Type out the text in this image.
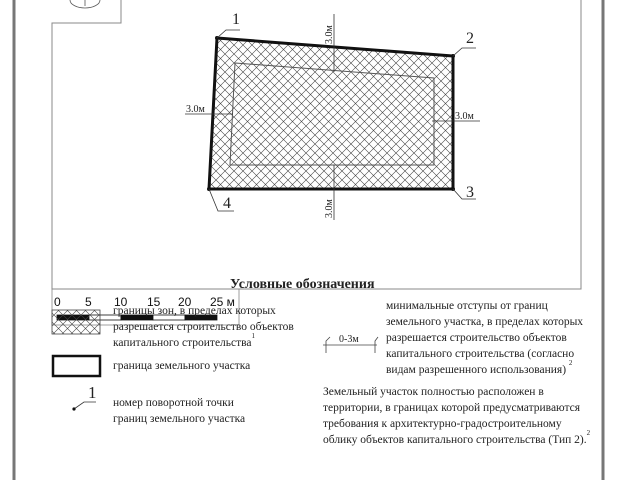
1
2
3
4
3.0м
3.0м
3.0м
3.0м
0 5 10 15 20 25 м
1
0-3м
Условные обозначения
границы зон, в пределах которых
разрешается строительство объектов
капитального строительства$^1$
граница земельного участка
номер поворотной точки
границ земельного участка
минимальные отступы от границ
земельного участка, в пределах которых
разрешается строительство объектов
капитального строительства (согласно
видам разрешенного использования) $^2$
Земельный участок полностью расположен в
территории, в границах которой предусматриваются
требования к архитектурно-градостроительному
облику объектов капитального строительства (Тип 2).$^2$
